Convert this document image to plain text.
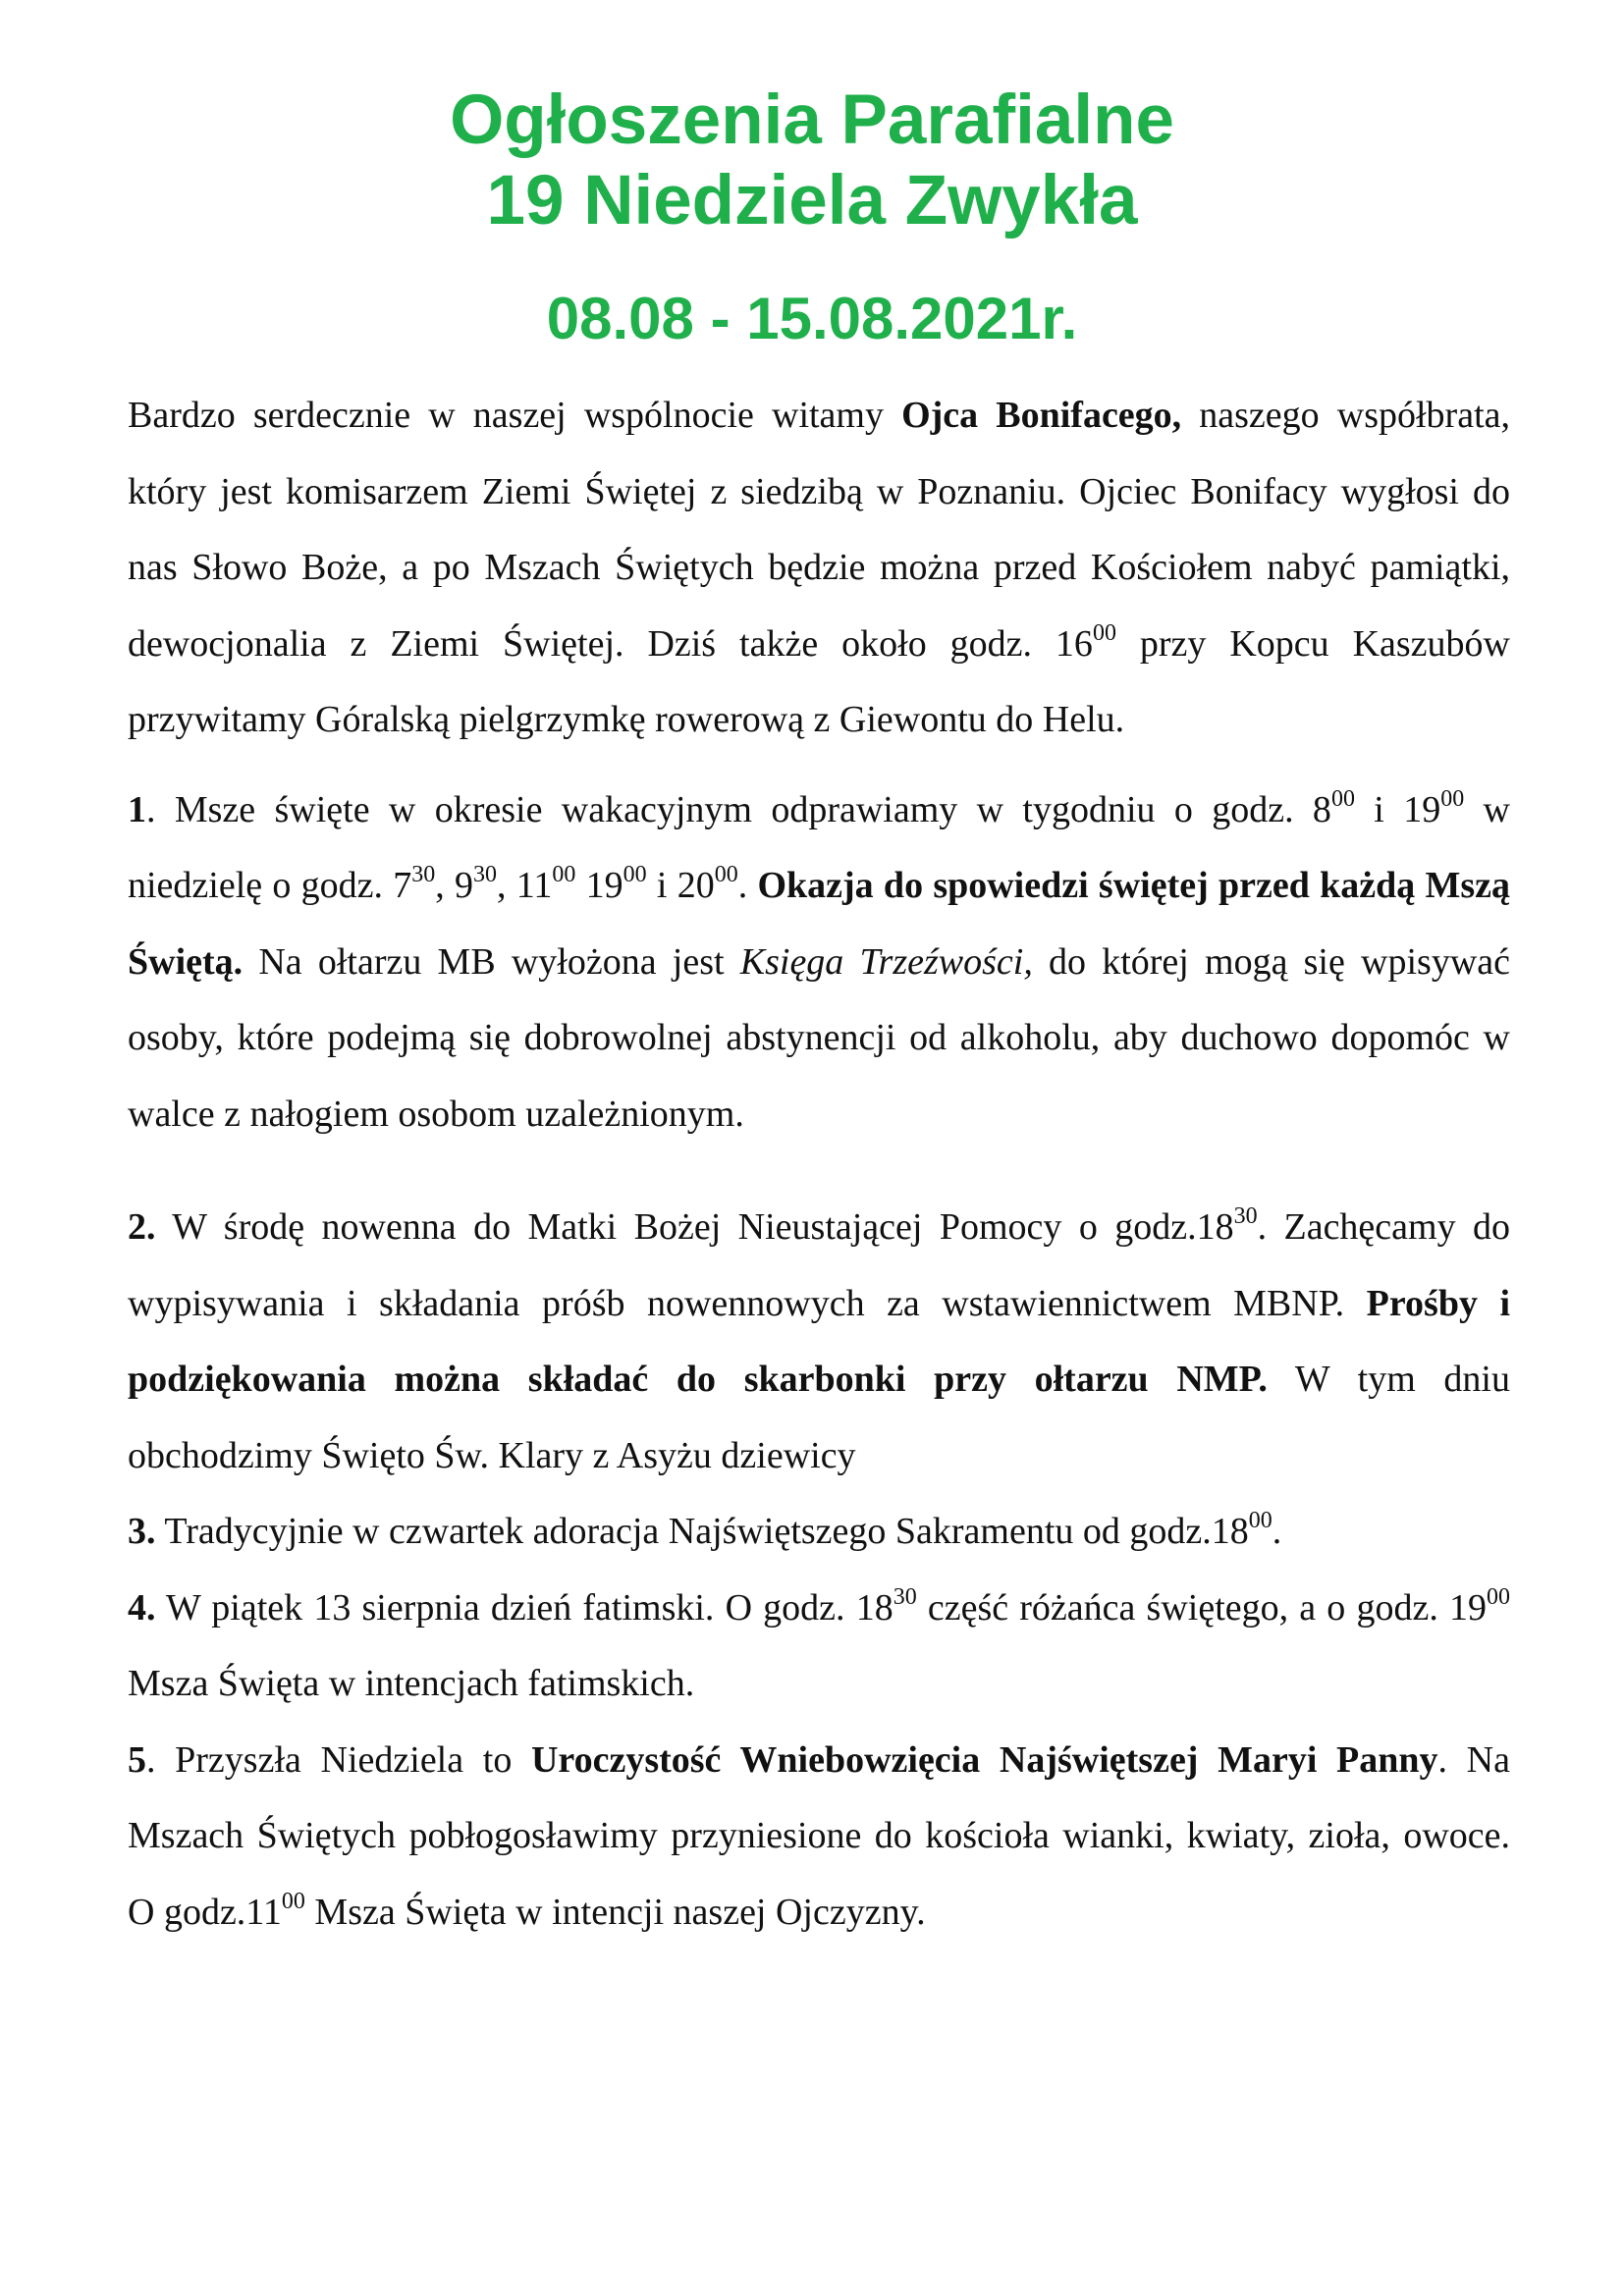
Ogłoszenia Parafialne
19 Niedziela Zwykła
08.08 - 15.08.2021r.

Bardzo serdecznie w naszej wspólnocie witamy Ojca Bonifacego, naszego współbrata, który jest komisarzem Ziemi Świętej z siedzibą w Poznaniu. Ojciec Bonifacy wygłosi do nas Słowo Boże, a po Mszach Świętych będzie można przed Kościołem nabyć pamiątki, dewocjonalia z Ziemi Świętej. Dziś także około godz. $16^{00}$ przy Kopcu Kaszubów przywitamy Góralską pielgrzymkę rowerową z Giewontu do Helu.

1. Msze święte w okresie wakacyjnym odprawiamy w tygodniu o godz. $8^{00}$ i $19^{00}$ w niedzielę o godz. $7^{30}$, $9^{30}$, $11^{00}$ $19^{00}$ i $20^{00}$. Okazja do spowiedzi świętej przed każdą Mszą Świętą. Na ołtarzu MB wyłożona jest Księga Trzeźwości, do której mogą się wpisywać osoby, które podejmą się dobrowolnej abstynencji od alkoholu, aby duchowo dopomóc w walce z nałogiem osobom uzależnionym.

2. W środę nowenna do Matki Bożej Nieustającej Pomocy o $godz.18^{30}$. Zachęcamy do wypisywania i składania próśb nowennowych za wstawiennictwem MBNP. Prośby i podziękowania można składać do skarbonki przy ołtarzu NMP. W tym dniu obchodzimy Święto Św. Klary z Asyżu dziewicy

3. Tradycyjnie w czwartek adoracja Najświętszego Sakramentu od $godz.18^{00}$.

4. W piątek 13 sierpnia dzień fatimski. O godz. $18^{30}$ część różańca świętego, a o godz. $19^{00}$ Msza Święta w intencjach fatimskich.

5. Przyszła Niedziela to Uroczystość Wniebowzięcia Najświętszej Maryi Panny. Na Mszach Świętych pobłogosławimy przyniesione do kościoła wianki, kwiaty, zioła, owoce. O $godz.11^{00}$ Msza Święta w intencji naszej Ojczyzny.
